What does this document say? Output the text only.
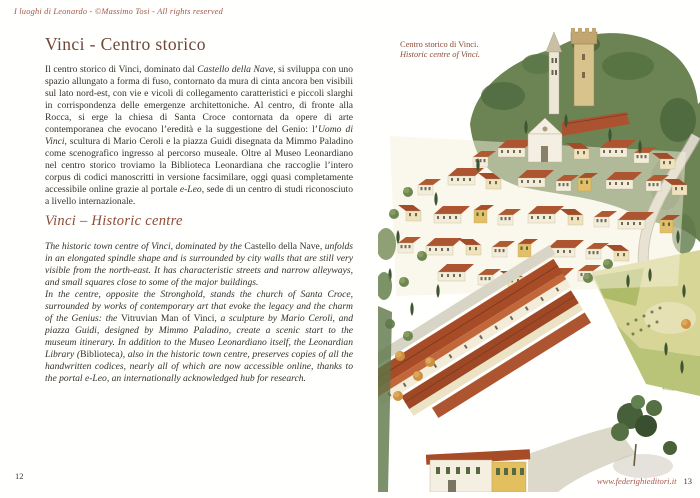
I luoghi di Leonardo - ©Massimo Tosi - All rights reserved
Vinci - Centro storico

Il centro storico di Vinci, dominato dal Castello della Nave, si sviluppa con uno spazio allungato a forma di fuso, contornato da mura di cinta ancora ben visibili sul lato nord-est, con vie e vicoli di collegamento caratteristici e piccoli slarghi in corrispondenza delle emergenze architettoniche. Al centro, di fronte alla Rocca, si erge la chiesa di Santa Croce contornata da opere di arte contemporanea che evocano l’eredità e la suggestione del Genio: l’Uomo di Vinci, scultura di Mario Ceroli e la piazza Guidi disegnata da Mimmo Paladino come scenografico ingresso al percorso museale. Oltre al Museo Leonardiano nel centro storico troviamo la Biblioteca Leonardiana che raccoglie l’intero corpus di codici manoscritti in versione facsimilare, oggi quasi completamente accessibile online grazie al portale e-Leo, sede di un centro di studi riconosciuto a livello internazionale.

Vinci – Historic centre

The historic town centre of Vinci, dominated by the Castello della Nave, unfolds in an elongated spindle shape and is surrounded by city walls that are still very visible from the north-east. It has characteristic streets and narrow alleyways, and small squares close to some of the major buildings.

In the centre, opposite the Stronghold, stands the church of Santa Croce, surrounded by works of contemporary art that evoke the legacy and the charm of the Genius: the Vitruvian Man of Vinci, a sculpture by Mario Ceroli, and piazza Guidi, designed by Mimmo Paladino, create a scenic start to the museum itinerary. In addition to the Museo Leonardiano itself, the Leonardian Library (Biblioteca), also in the historic town centre, preserves copies of all the handwritten codices, nearly all of which are now accessible online, thanks to the portal e-Leo, an internationally acknowledged hub for research.

12
Centro storico di Vinci.
Historic centre of Vinci.
www.federighieditori.it 13
